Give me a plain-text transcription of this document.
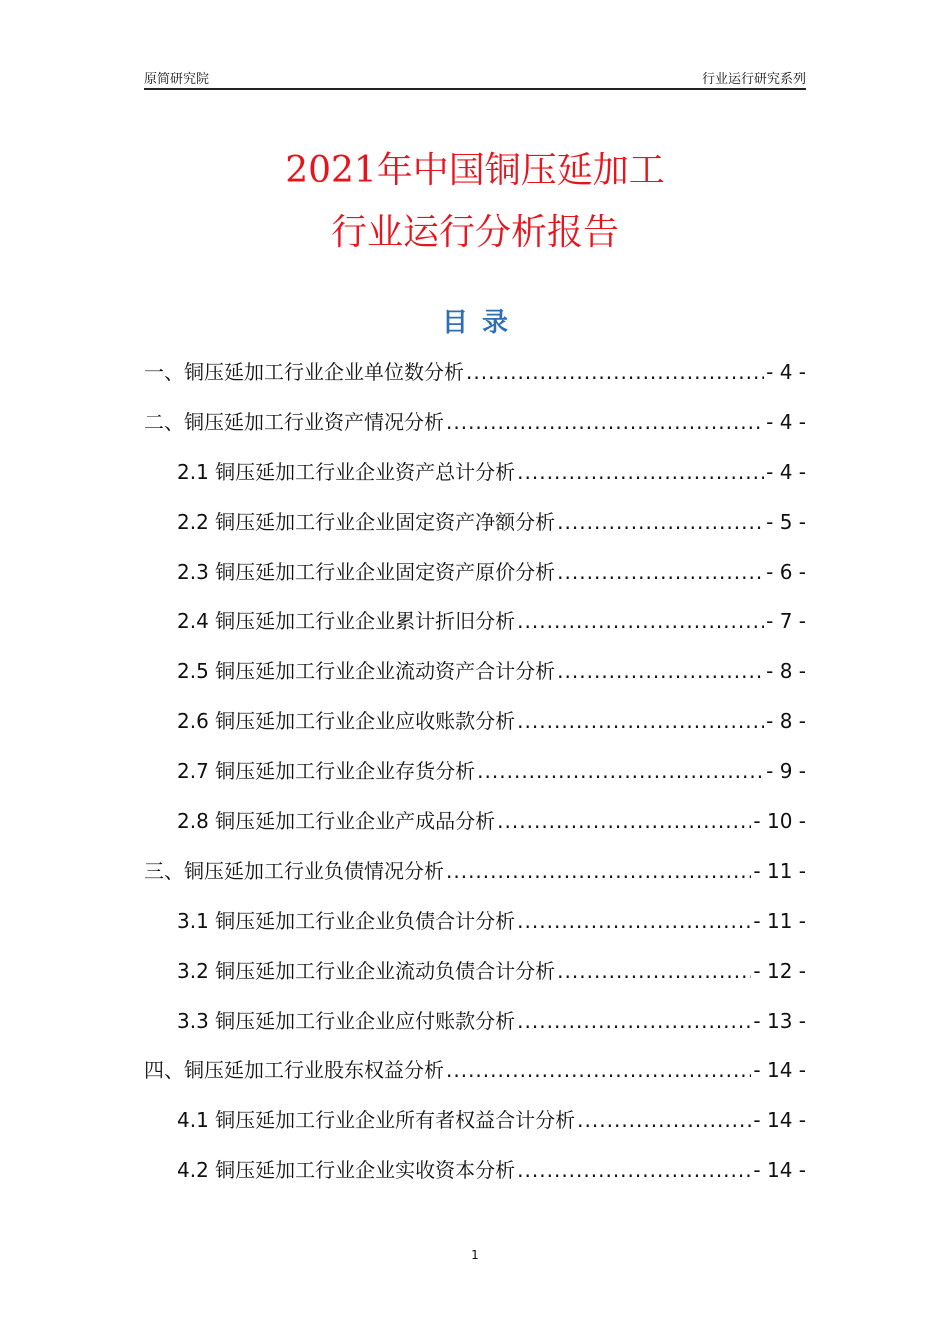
原简研究院	行业运行研究系列
2021年中国铜压延加工
行业运行分析报告
目录
一、铜压延加工行业企业单位数分析 .....	- 4 -
二、铜压延加工行业资产情况分析 .....	- 4 -
2.1 铜压延加工行业企业资产总计分析 .....	- 4 -
2.2 铜压延加工行业企业固定资产净额分析 .....	- 5 -
2.3 铜压延加工行业企业固定资产原价分析 .....	- 6 -
2.4 铜压延加工行业企业累计折旧分析 .....	- 7 -
2.5 铜压延加工行业企业流动资产合计分析 .....	- 8 -
2.6 铜压延加工行业企业应收账款分析 .....	- 8 -
2.7 铜压延加工行业企业存货分析 .....	- 9 -
2.8 铜压延加工行业企业产成品分析 .....	- 10 -
三、铜压延加工行业负债情况分析 .....	- 11 -
3.1 铜压延加工行业企业负债合计分析 .....	- 11 -
3.2 铜压延加工行业企业流动负债合计分析 .....	- 12 -
3.3 铜压延加工行业企业应付账款分析 .....	- 13 -
四、铜压延加工行业股东权益分析 .....	- 14 -
4.1 铜压延加工行业企业所有者权益合计分析 .....	- 14 -
4.2 铜压延加工行业企业实收资本分析 .....	- 14 -
1
